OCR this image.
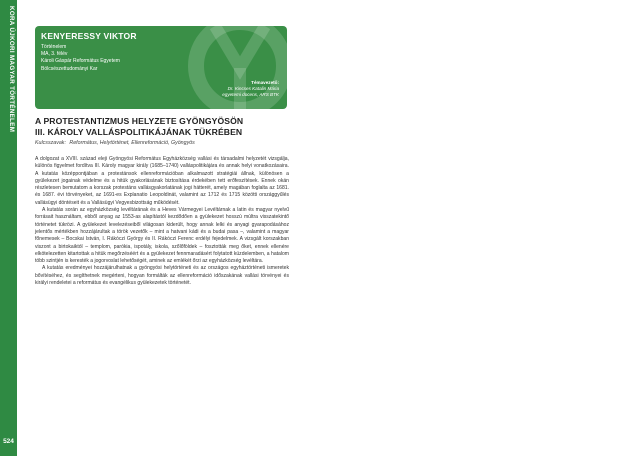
KORA ÚJKORI MAGYAR TÖRTÉNELEM
524
KENYERESSY VIKTOR
Történelem
MA, 3. félév
Károli Gáspár Református Egyetem
Bölcsészettudományi Kar
Témavezető:
Dr. Kincses Katalin Mária
egyetemi docens, ARS BTK
A PROTESTANTIZMUS HELYZETE GYÖNGYÖSÖN
III. KÁROLY VALLÁSPOLITIKÁJÁNAK TÜKRÉBEN
Kulcsszavak: Református, Helytörténet, Ellenreformáció, Gyöngyös

A dolgozat a XVIII. század eleji Gyöngyösi Református Egyházközség vallási és társadalmi helyzetét vizsgálja, különös figyelmet fordítva III. Károly magyar király (1685–1740) valláspolitikájára és annak helyi vonatkozásaira. A kutatás középpontjában a protestánsok ellenreformációban alkalmazott stratégiái állnak, különösen a gyülekezet jogainak védelme és a hitük gyakorlásának biztosítása érdekében tett erőfeszítések. Ennek okán részletesen bemutatom a korszak protestáns vallásgyakorlatának jogi hátterét, amely magában foglalta az 1681. és 1687. évi törvényeket, az 1691-es Explanatio Leopoldinát, valamint az 1712 és 1715 közötti országgyűlés vallásügyi döntéseit és a Vallásügyi Vegyesbizottság működését.

A kutatás során az egyházközség levéltárának és a Heves Vármegyei Levéltárnak a latin és magyar nyelvű forrásait használtam, ebből anyag az 1553-as alapítástól kezdődően a gyülekezet hosszú múltra visszatekintő történetet tükrözi. A gyülekezet levelezéseiből világosan kiderült, hogy annak lelki és anyagi gyarapodásához jelentős mértékben hozzájárultak a török vezetők – mint a hatvani kádi és a budai pasa –, valamint a magyar főnemesek – Bocskai István, I. Rákóczi György és II. Rákóczi Ferenc erdélyi fejedelmek. A vizsgált korszakban viszont a birtokaiktól – templom, parókia, ispotály, iskola, szőlőföldek – fosztották meg őket, ennek ellenére elkötelezetten kitartottak a hitük megőrzéséért és a gyülekezet fennmaradásért folytatott küzdelemben, a hatalom több szintjén is keresték a jogorvoslat lehetőségét, aminek az emlékét őrzi az egyházközség levéltára.

A kutatás eredményei hozzájárulhatnak a gyöngyösi helytörténeti és az országos egyháztörténeti ismeretek bővítéséhez, és segíthetnek megérteni, hogyan formálták az ellenreformáció időszakának vallási törvényei és királyi rendeletei a református és evangélikus gyülekezetek történetét.
